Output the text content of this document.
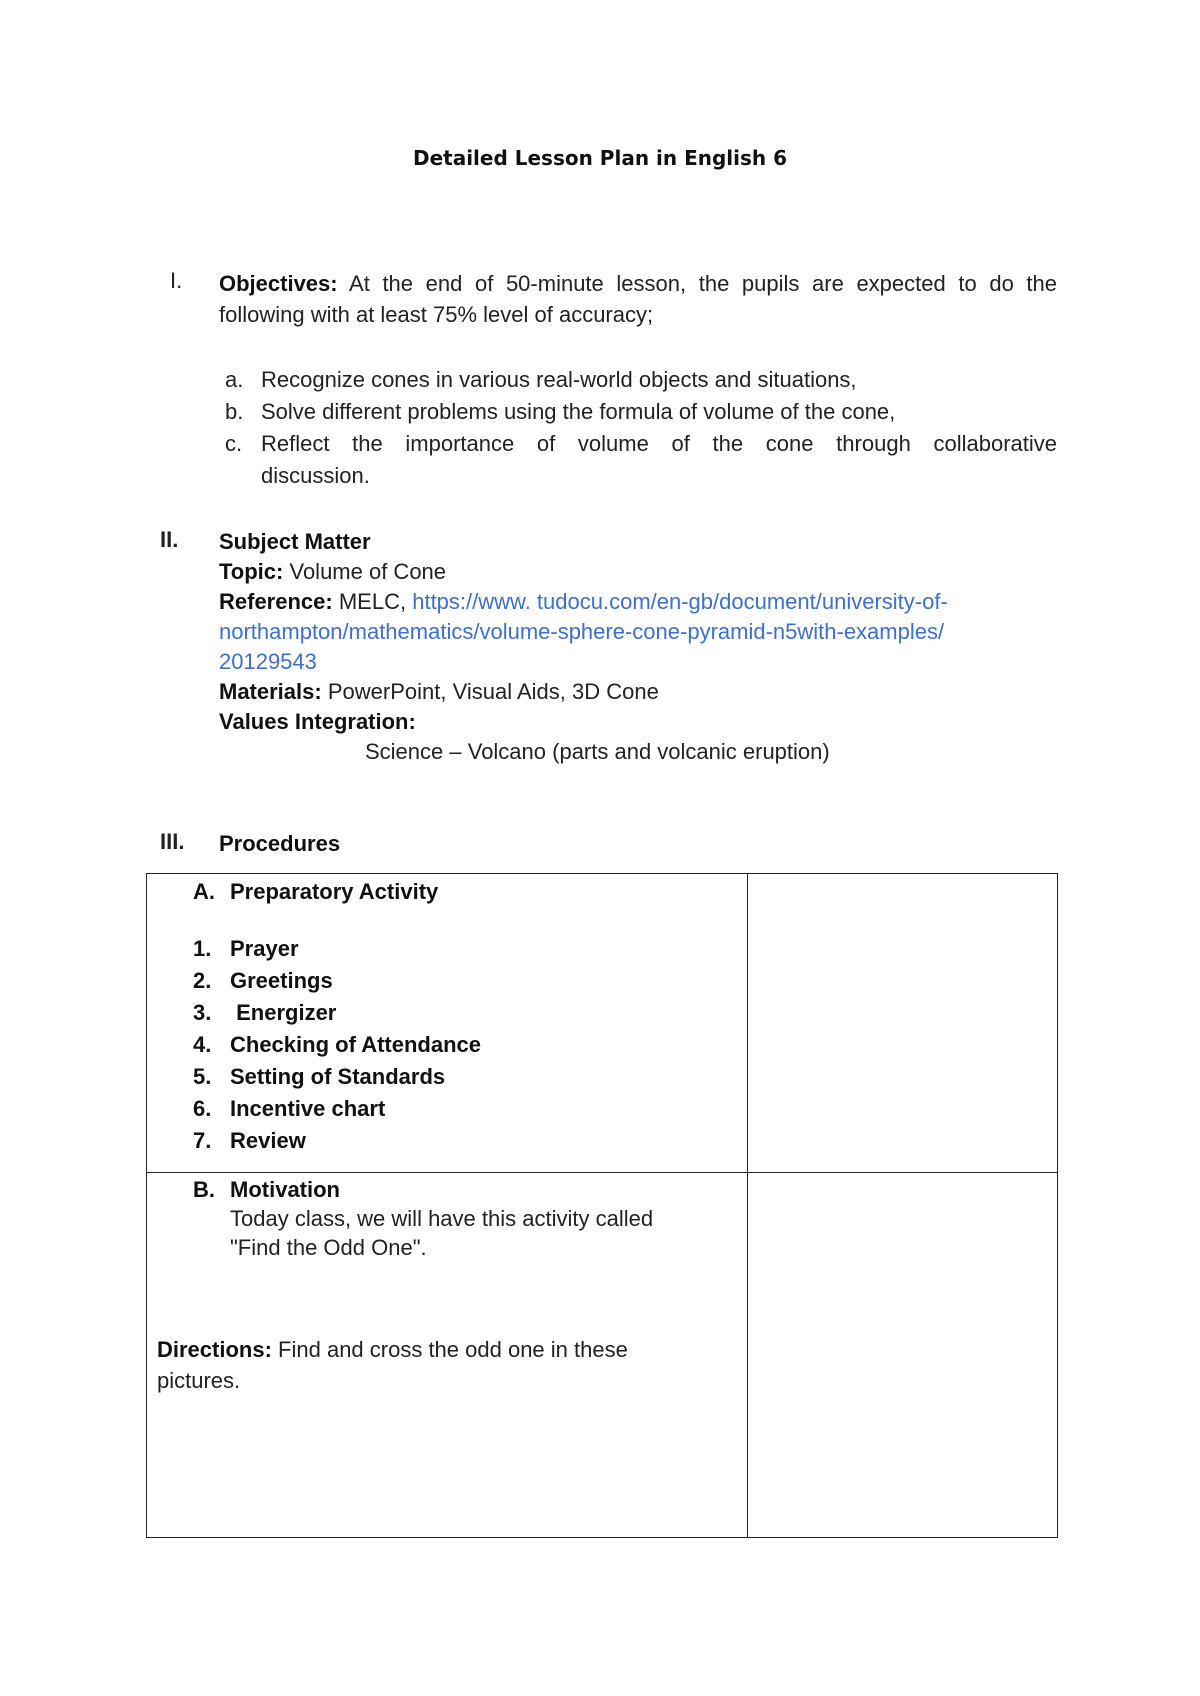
Detailed Lesson Plan in English 6
I. Objectives: At the end of 50-minute lesson, the pupils are expected to do the
following with at least 75% level of accuracy;
a. Recognize cones in various real-world objects and situations,
b. Solve different problems using the formula of volume of the cone,
c. Reflect the importance of volume of the cone through collaborative
discussion.
II. Subject Matter
Topic: Volume of Cone
Reference: MELC, https://www. tudocu.com/en-gb/document/university-of-
northampton/mathematics/volume-sphere-cone-pyramid-n5with-examples/
20129543
Materials: PowerPoint, Visual Aids, 3D Cone
Values Integration:
Science – Volcano (parts and volcanic eruption)
III. Procedures
A. Preparatory Activity
1. Prayer
2. Greetings
3. Energizer
4. Checking of Attendance
5. Setting of Standards
6. Incentive chart
7. Review
B. Motivation
Today class, we will have this activity called
"Find the Odd One".
Directions: Find and cross the odd one in these
pictures.
